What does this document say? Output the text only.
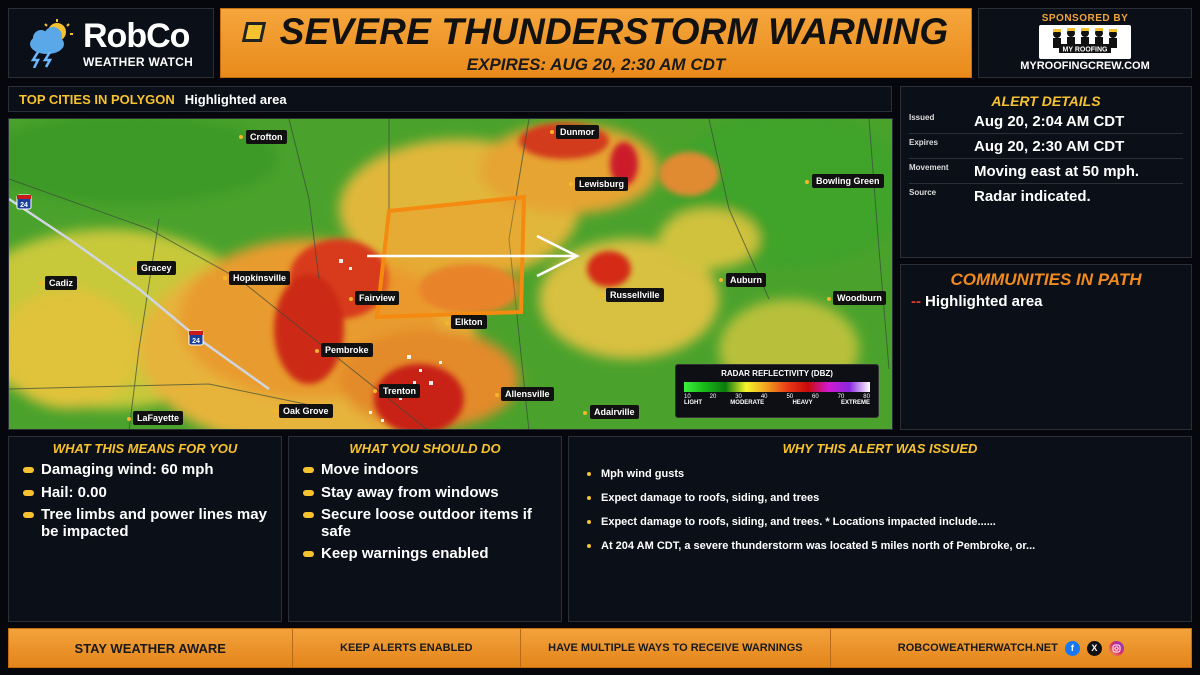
RobCo
WEATHER WATCH
SEVERE THUNDERSTORM WARNING
EXPIRES: AUG 20, 2:30 AM CDT
SPONSORED BY
MY ROOFING
MYROOFINGCREW.COM
TOP CITIES IN POLYGON Highlighted area
24
24
Crofton	Dunmor
Lewisburg	Bowling Green
Cadiz
Gracey
Hopkinsville
Fairview
Elkton
Russellville
Auburn
Woodburn
Pembroke
Trenton	Allensville
Oak Grove
LaFayette
Adairville
RADAR REFLECTIVITY (DBZ)
10	20	30	40	50	60	70	80
LIGHT	MODERATE	HEAVY	EXTREME
ALERT DETAILS
Issued	Aug 20, 2:04 AM CDT
Expires	Aug 20, 2:30 AM CDT
Movement	Moving east at 50 mph.
Source	Radar indicated.
COMMUNITIES IN PATH
-- Highlighted area
WHAT THIS MEANS FOR YOU
Damaging wind: 60 mph
Hail: 0.00
Tree limbs and power lines may be impacted
WHAT YOU SHOULD DO
Move indoors
Stay away from windows
Secure loose outdoor items if safe
Keep warnings enabled
WHY THIS ALERT WAS ISSUED
Mph wind gusts
Expect damage to roofs, siding, and trees
Expect damage to roofs, siding, and trees. * Locations impacted include......
At 204 AM CDT, a severe thunderstorm was located 5 miles north of Pembroke, or...
STAY WEATHER AWARE	KEEP ALERTS ENABLED	HAVE MULTIPLE WAYS TO RECEIVE WARNINGS	ROBCOWEATHERWATCH.NET	f	X
